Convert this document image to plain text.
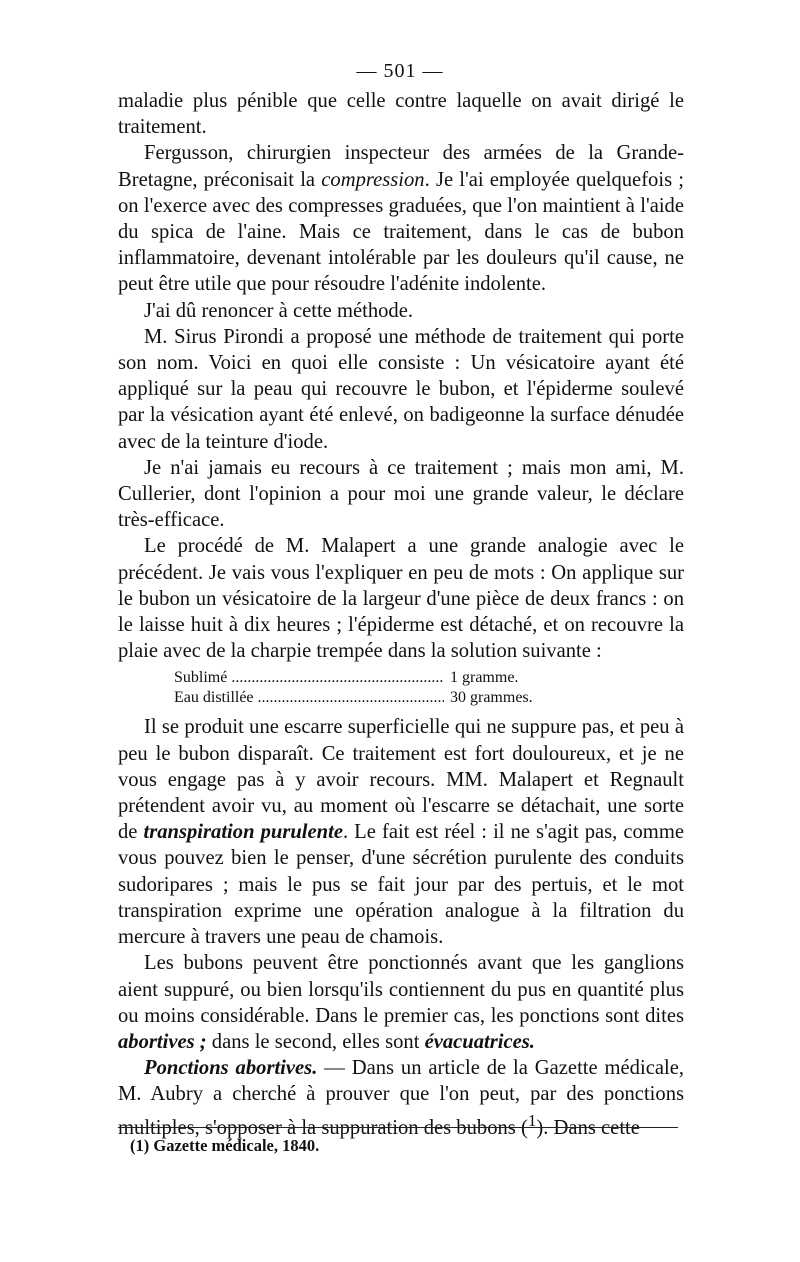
— 501 —

maladie plus pénible que celle contre laquelle on avait dirigé le traitement.

Fergusson, chirurgien inspecteur des armées de la Grande-Bretagne, préconisait la compression. Je l'ai employée quelquefois ; on l'exerce avec des compresses graduées, que l'on maintient à l'aide du spica de l'aine. Mais ce traitement, dans le cas de bubon inflammatoire, devenant intolérable par les douleurs qu'il cause, ne peut être utile que pour résoudre l'adénite indolente.

J'ai dû renoncer à cette méthode.

M. Sirus Pirondi a proposé une méthode de traitement qui porte son nom. Voici en quoi elle consiste : Un vésicatoire ayant été appliqué sur la peau qui recouvre le bubon, et l'épiderme soulevé par la vésication ayant été enlevé, on badigeonne la surface dénudée avec de la teinture d'iode.

Je n'ai jamais eu recours à ce traitement ; mais mon ami, M. Cullerier, dont l'opinion a pour moi une grande valeur, le déclare très-efficace.

Le procédé de M. Malapert a une grande analogie avec le précédent. Je vais vous l'expliquer en peu de mots : On applique sur le bubon un vésicatoire de la largeur d'une pièce de deux francs : on le laisse huit à dix heures ; l'épiderme est détaché, et on recouvre la plaie avec de la charpie trempée dans la solution suivante :

Sublimé .....	1 gramme.
Eau distillée .....	30 grammes.

Il se produit une escarre superficielle qui ne suppure pas, et peu à peu le bubon disparaît. Ce traitement est fort douloureux, et je ne vous engage pas à y avoir recours. MM. Malapert et Regnault prétendent avoir vu, au moment où l'escarre se détachait, une sorte de transpiration purulente. Le fait est réel : il ne s'agit pas, comme vous pouvez bien le penser, d'une sécrétion purulente des conduits sudoripares ; mais le pus se fait jour par des pertuis, et le mot transpiration exprime une opération analogue à la filtration du mercure à travers une peau de chamois.

Les bubons peuvent être ponctionnés avant que les ganglions aient suppuré, ou bien lorsqu'ils contiennent du pus en quantité plus ou moins considérable. Dans le premier cas, les ponctions sont dites abortives ; dans le second, elles sont évacuatrices.

Ponctions abortives. — Dans un article de la Gazette médicale, M. Aubry a cherché à prouver que l'on peut, par des ponctions multiples, s'opposer à la suppuration des bubons ($^1$). Dans cette

(1) Gazette médicale, 1840.
